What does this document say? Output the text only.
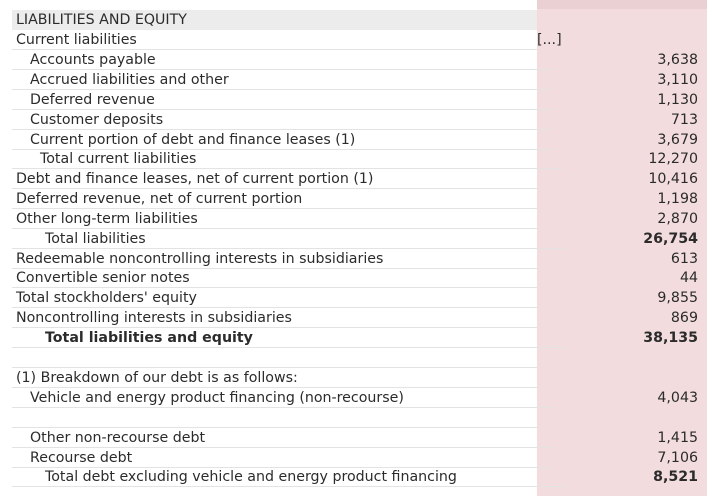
LIABILITIES AND EQUITY
Current liabilities	[...]
Accounts payable	3,638
Accrued liabilities and other	3,110
Deferred revenue	1,130
Customer deposits	713
Current portion of debt and finance leases (1)	3,679
Total current liabilities	12,270
Debt and finance leases, net of current portion (1)	10,416
Deferred revenue, net of current portion	1,198
Other long-term liabilities	2,870
Total liabilities	26,754
Redeemable noncontrolling interests in subsidiaries	613
Convertible senior notes	44
Total stockholders' equity	9,855
Noncontrolling interests in subsidiaries	869
Total liabilities and equity	38,135
(1) Breakdown of our debt is as follows:
Vehicle and energy product financing (non-recourse)	4,043
Other non-recourse debt	1,415
Recourse debt	7,106
Total debt excluding vehicle and energy product financing	8,521
